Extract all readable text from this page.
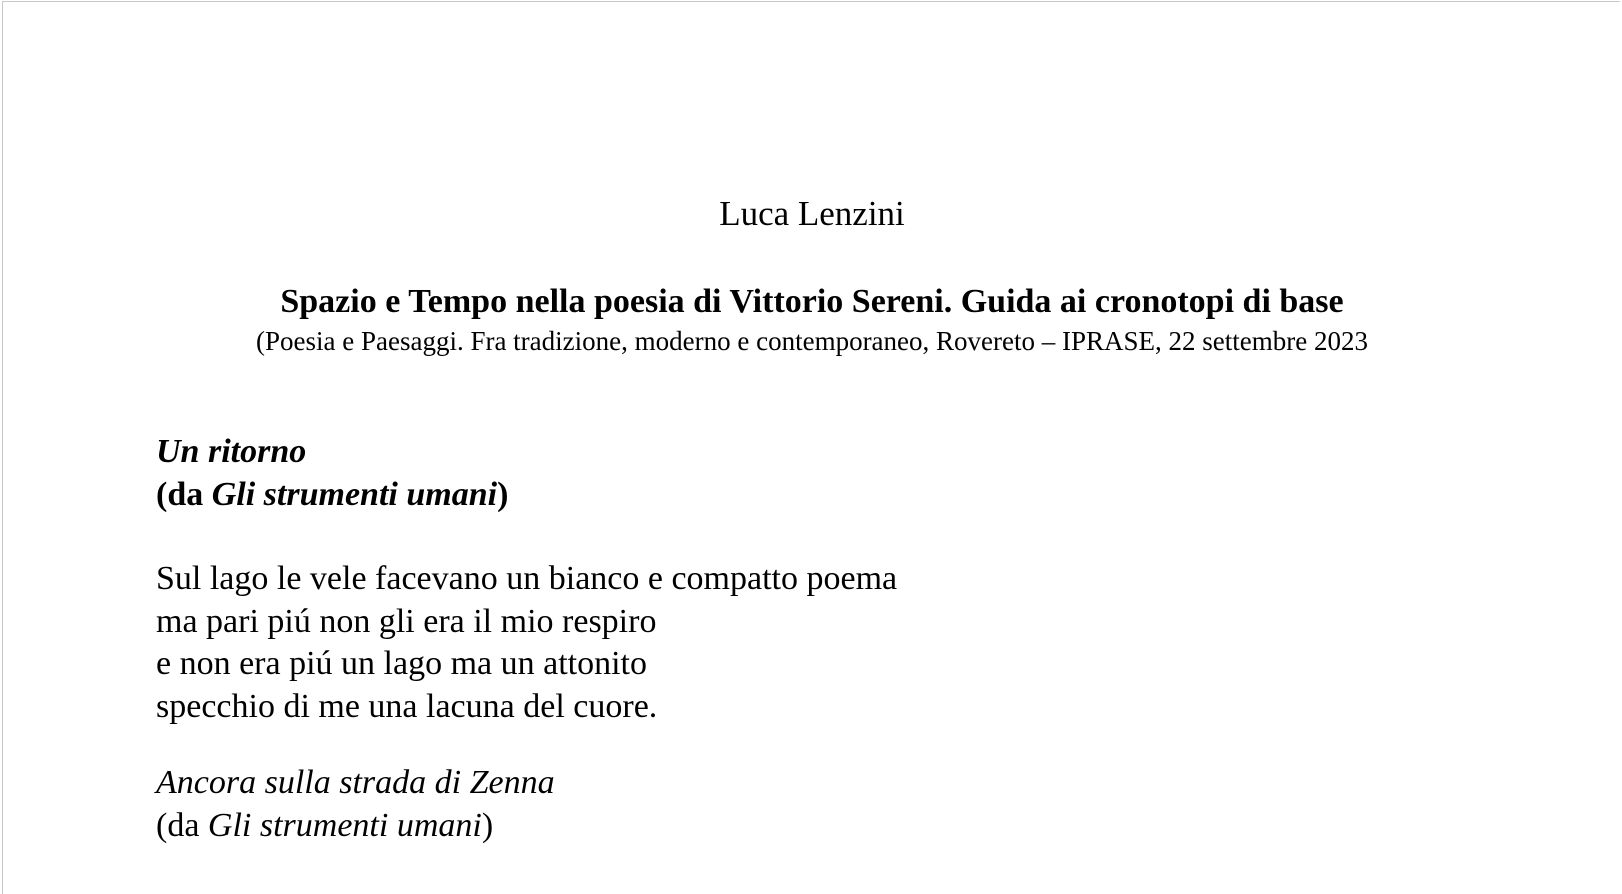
Luca Lenzini
Spazio e Tempo nella poesia di Vittorio Sereni. Guida ai cronotopi di base
(Poesia e Paesaggi. Fra tradizione, moderno e contemporaneo, Rovereto – IPRASE, 22 settembre 2023
Un ritorno
(da Gli strumenti umani)
Sul lago le vele facevano un bianco e compatto poema
ma pari piú non gli era il mio respiro
e non era piú un lago ma un attonito
specchio di me una lacuna del cuore.
Ancora sulla strada di Zenna
(da Gli strumenti umani)
